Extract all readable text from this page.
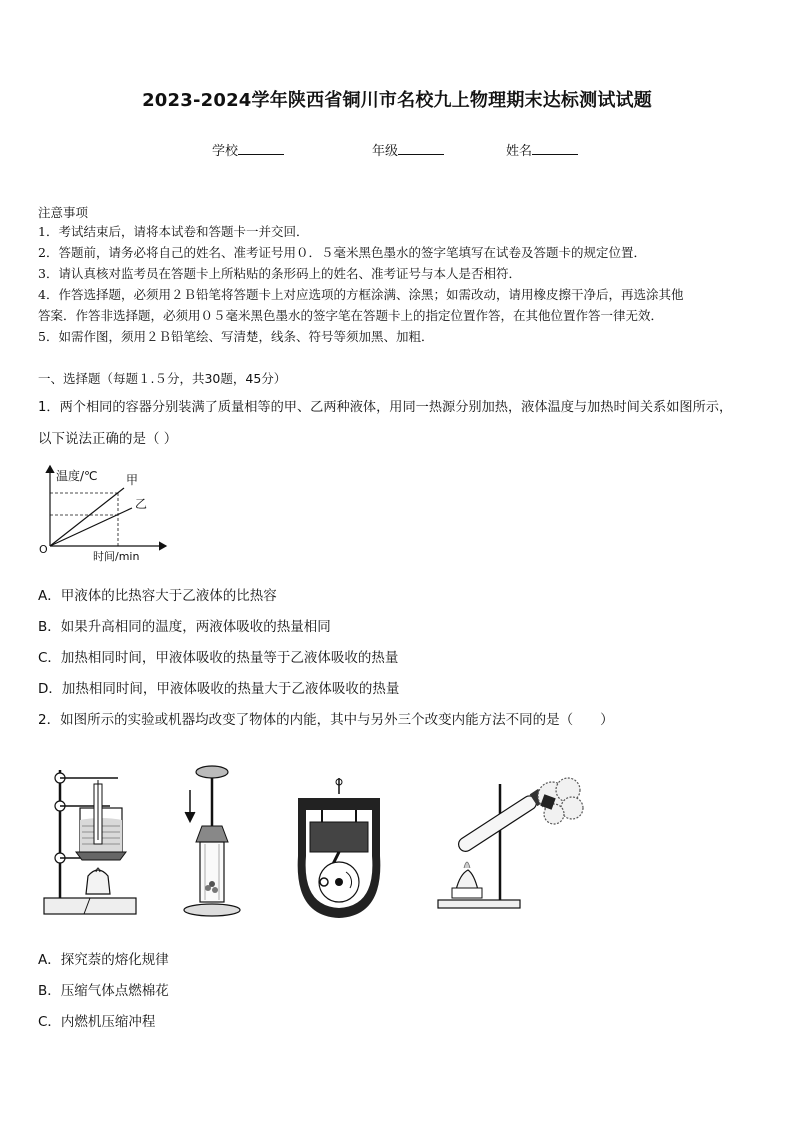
2023-2024学年陕西省铜川市名校九上物理期末达标测试试题
学校	年级	姓名
注意事项
1．考试结束后，请将本试卷和答题卡一并交回．
2．答题前，请务必将自己的姓名、准考证号用０．５毫米黑色墨水的签字笔填写在试卷及答题卡的规定位置．
3．请认真核对监考员在答题卡上所粘贴的条形码上的姓名、准考证号与本人是否相符．
4．作答选择题，必须用２Ｂ铅笔将答题卡上对应选项的方框涂满、涂黑；如需改动，请用橡皮擦干净后，再选涂其他
答案．作答非选择题，必须用０５毫米黑色墨水的签字笔在答题卡上的指定位置作答，在其他位置作答一律无效．
5．如需作图，须用２Ｂ铅笔绘、写清楚，线条、符号等须加黑、加粗．
一、选择题（每题１.５分，共30题，45分）
1．两个相同的容器分别装满了质量相等的甲、乙两种液体，用同一热源分别加热，液体温度与加热时间关系如图所示，
以下说法正确的是（ ）
温度/℃ 甲
乙
O
时间/min
A．甲液体的比热容大于乙液体的比热容
B．如果升高相同的温度，两液体吸收的热量相同
C．加热相同时间，甲液体吸收的热量等于乙液体吸收的热量
D．加热相同时间，甲液体吸收的热量大于乙液体吸收的热量
2．如图所示的实验或机器均改变了物体的内能，其中与另外三个改变内能方法不同的是（　　）
A．探究萘的熔化规律
B．压缩气体点燃棉花
C．内燃机压缩冲程
